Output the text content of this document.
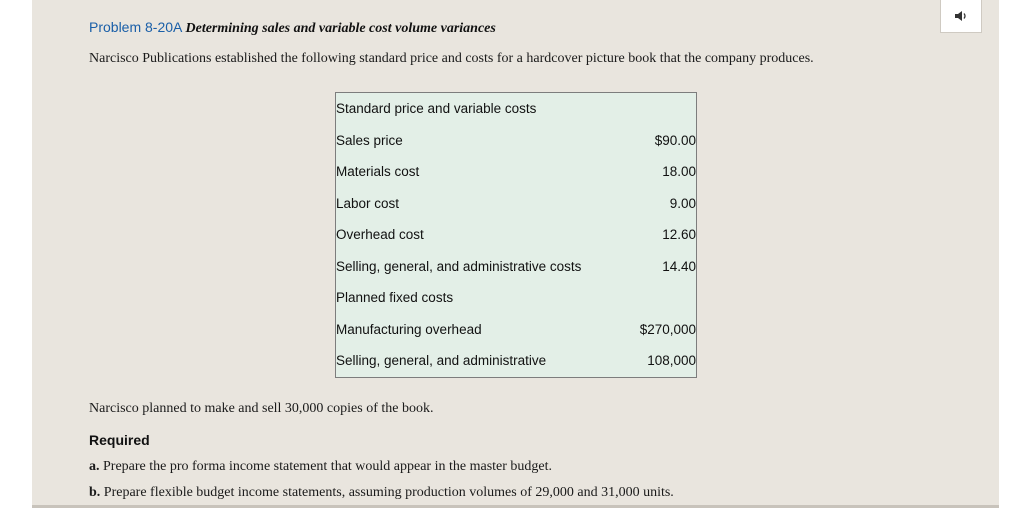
Problem 8-20A Determining sales and variable cost volume variances
Narcisco Publications established the following standard price and costs for a hardcover picture book that the company produces.
Standard price and variable costs	
Sales price	$90.00
Materials cost	18.00
Labor cost	9.00
Overhead cost	12.60
Selling, general, and administrative costs	14.40
Planned fixed costs	
Manufacturing overhead	$270,000
Selling, general, and administrative	108,000
Narcisco planned to make and sell 30,000 copies of the book.
Required
a. Prepare the pro forma income statement that would appear in the master budget.
b. Prepare flexible budget income statements, assuming production volumes of 29,000 and 31,000 units.
